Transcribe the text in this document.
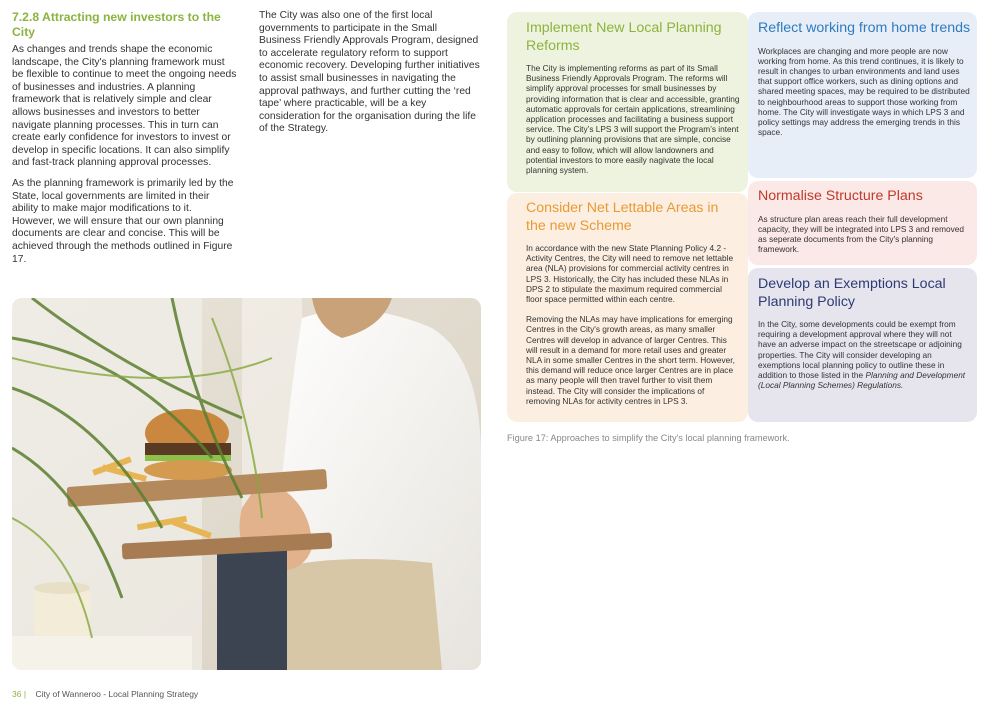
7.2.8 Attracting new investors to the City

As changes and trends shape the economic landscape, the City's planning framework must be flexible to continue to meet the ongoing needs of businesses and industries. A planning framework that is relatively simple and clear allows businesses and investors to better navigate planning processes. This in turn can create early confidence for investors to invest or develop in specific locations. It can also simplify and fast-track planning approval processes.

As the planning framework is primarily led by the State, local governments are limited in their ability to make major modifications to it. However, we will ensure that our own planning documents are clear and concise. This will be achieved through the methods outlined in Figure 17.

The City was also one of the first local governments to participate in the Small Business Friendly Approvals Program, designed to accelerate regulatory reform to support economic recovery. Developing further initiatives to assist small businesses in navigating the approval pathways, and further cutting the ‘red tape’ where practicable, will be a key consideration for the organisation during the life of the Strategy.

36 | City of Wanneroo - Local Planning Strategy
Implement New Local Planning Reforms
The City is implementing reforms as part of its Small Business Friendly Approvals Program. The reforms will simplify approval processes for small businesses by providing information that is clear and accessible, granting automatic approvals for certain applications, streamlining application processes and facilitating a business support service. The City’s LPS 3 will support the Program’s intent by outlining planning provisions that are simple, concise and easy to follow, which will allow landowners and potential investors to more easily nagivate the local planning system.
Reflect working from home trends
Workplaces are changing and more people are now working from home. As this trend continues, it is likely to result in changes to urban environments and land uses that support office workers, such as dining options and shared meeting spaces, may be required to be distributed to neighbourhood areas to support those working from home. The City will investigate ways in which LPS 3 and policy settings may address the emerging trends in this space.
Consider Net Lettable Areas in the new Scheme
In accordance with the new State Planning Policy 4.2 - Activity Centres, the City will need to remove net lettable area (NLA) provisions for commercial activity centres in LPS 3. Historically, the City has included these NLAs in DPS 2 to stipulate the maximum required commercial floor space permitted within each centre.
Removing the NLAs may have implications for emerging Centres in the City's growth areas, as many smaller Centres will develop in advance of larger Centres. This will result in a demand for more retail uses and greater NLA in some smaller Centres in the short term. However, this demand will reduce once larger Centres are in place as many people will then travel further to visit them instead. The City will consider the implications of removing NLAs for activity centres in LPS 3.
Normalise Structure Plans
As structure plan areas reach their full development capacity, they will be integrated into LPS 3 and removed as seperate documents from the City's planning framework.
Develop an Exemptions Local Planning Policy
In the City, some developments could be exempt from requiring a development approval where they will not have an adverse impact on the streetscape or adjoining properties. The City will consider developing an exemptions local planning policy to outline these in addition to those listed in the Planning and Development (Local Planning Schemes) Regulations.
Figure 17: Approaches to simplify the City's local planning framework.
